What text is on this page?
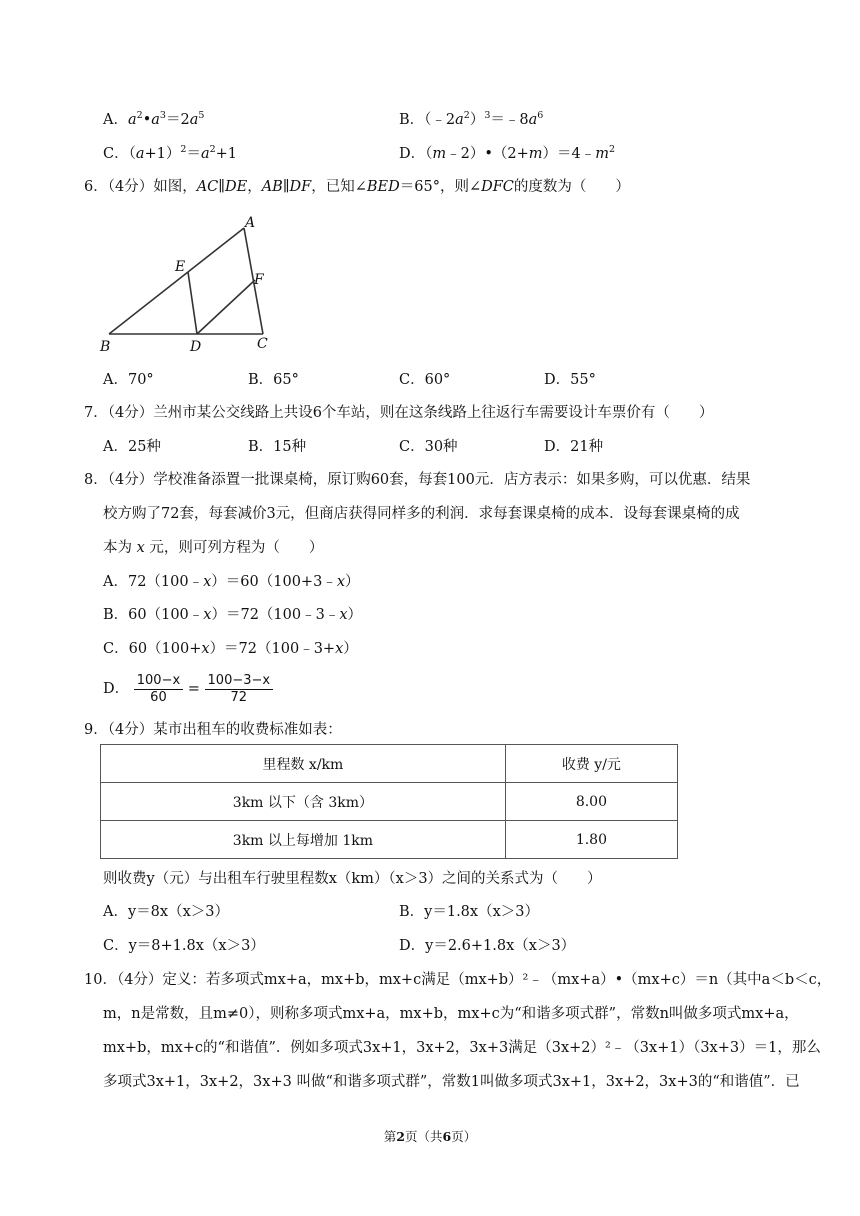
A．$a^2•a^3=2a^5$	B．$(﹣2a^2)^3=﹣8a^6$
C．$(a+1)^2=a^2+1$	D．$(m﹣2)•(2+m)=4﹣m^2$
6．（4分）如图，AC∥DE，AB∥DF，已知∠BED＝65°，则∠DFC的度数为（　　）
A
E
F
B	D	C
A．70°	B．65°	C．60°	D．55°
7．（4分）兰州市某公交线路上共设6个车站，则在这条线路上往返行车需要设计车票价有（　　）
A．25种	B．15种	C．30种	D．21种
8．（4分）学校准备添置一批课桌椅，原订购60套，每套100元．店方表示：如果多购，可以优惠．结果
校方购了72套，每套减价3元，但商店获得同样多的利润．求每套课桌椅的成本．设每套课桌椅的成
本为 x 元，则可列方程为（　　）
A．72（100﹣x）＝60（100+3﹣x）
B．60（100﹣x）＝72（100﹣3﹣x）
C．60（100+x）＝72（100﹣3+x）
D． $\frac{100-x}{60} = \frac{100-3-x}{72}$
9．（4分）某市出租车的收费标准如表：
里程数 x/km	收费 y/元
3km 以下（含 3km）	8.00
3km 以上每增加 1km	1.80
则收费y（元）与出租车行驶里程数x（km）（x＞3）之间的关系式为（　　）
A．y＝8x（x＞3）	B．y＝1.8x（x＞3）
C．y＝8+1.8x（x＞3）	D．y＝2.6+1.8x（x＞3）
10．（4分）定义：若多项式mx+a，mx+b，mx+c满足（mx+b）²﹣（mx+a）•（mx+c）＝n（其中a＜b＜c，
m，n是常数，且m≠0），则称多项式mx+a，mx+b，mx+c为“和谐多项式群”，常数n叫做多项式mx+a，
mx+b，mx+c的“和谐值”．例如多项式3x+1，3x+2，3x+3满足（3x+2）²﹣（3x+1）（3x+3）＝1，那么
多项式3x+1，3x+2，3x+3 叫做“和谐多项式群”，常数1叫做多项式3x+1，3x+2，3x+3的“和谐值”．已
第2页（共6页）
